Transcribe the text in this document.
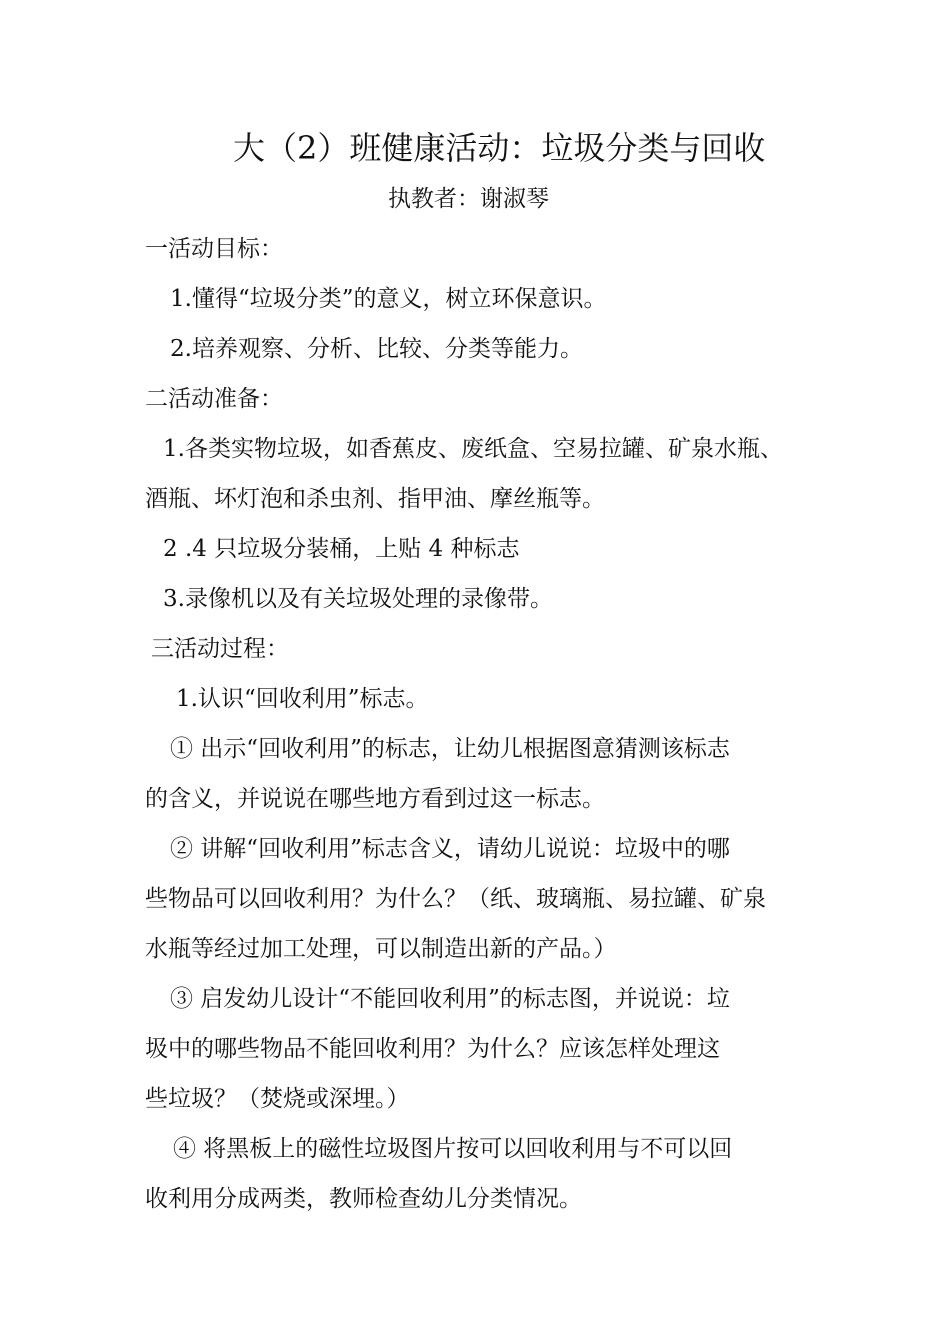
大（2）班健康活动：垃圾分类与回收
执教者：谢淑琴
一活动目标：
1.懂得“垃圾分类”的意义，树立环保意识。
2.培养观察、分析、比较、分类等能力。
二活动准备：
1.各类实物垃圾，如香蕉皮、废纸盒、空易拉罐、矿泉水瓶、
酒瓶、坏灯泡和杀虫剂、指甲油、摩丝瓶等。
2 .4 只垃圾分装桶，上贴 4 种标志
3.录像机以及有关垃圾处理的录像带。
三活动过程：
1.认识“回收利用”标志。
① 出示“回收利用”的标志，让幼儿根据图意猜测该标志
的含义，并说说在哪些地方看到过这一标志。
② 讲解“回收利用”标志含义，请幼儿说说：垃圾中的哪
些物品可以回收利用？为什么？（纸、玻璃瓶、易拉罐、矿泉
水瓶等经过加工处理，可以制造出新的产品。）
③ 启发幼儿设计“不能回收利用”的标志图，并说说：垃
圾中的哪些物品不能回收利用？为什么？应该怎样处理这
些垃圾？（焚烧或深埋。）
④ 将黑板上的磁性垃圾图片按可以回收利用与不可以回
收利用分成两类，教师检查幼儿分类情况。
